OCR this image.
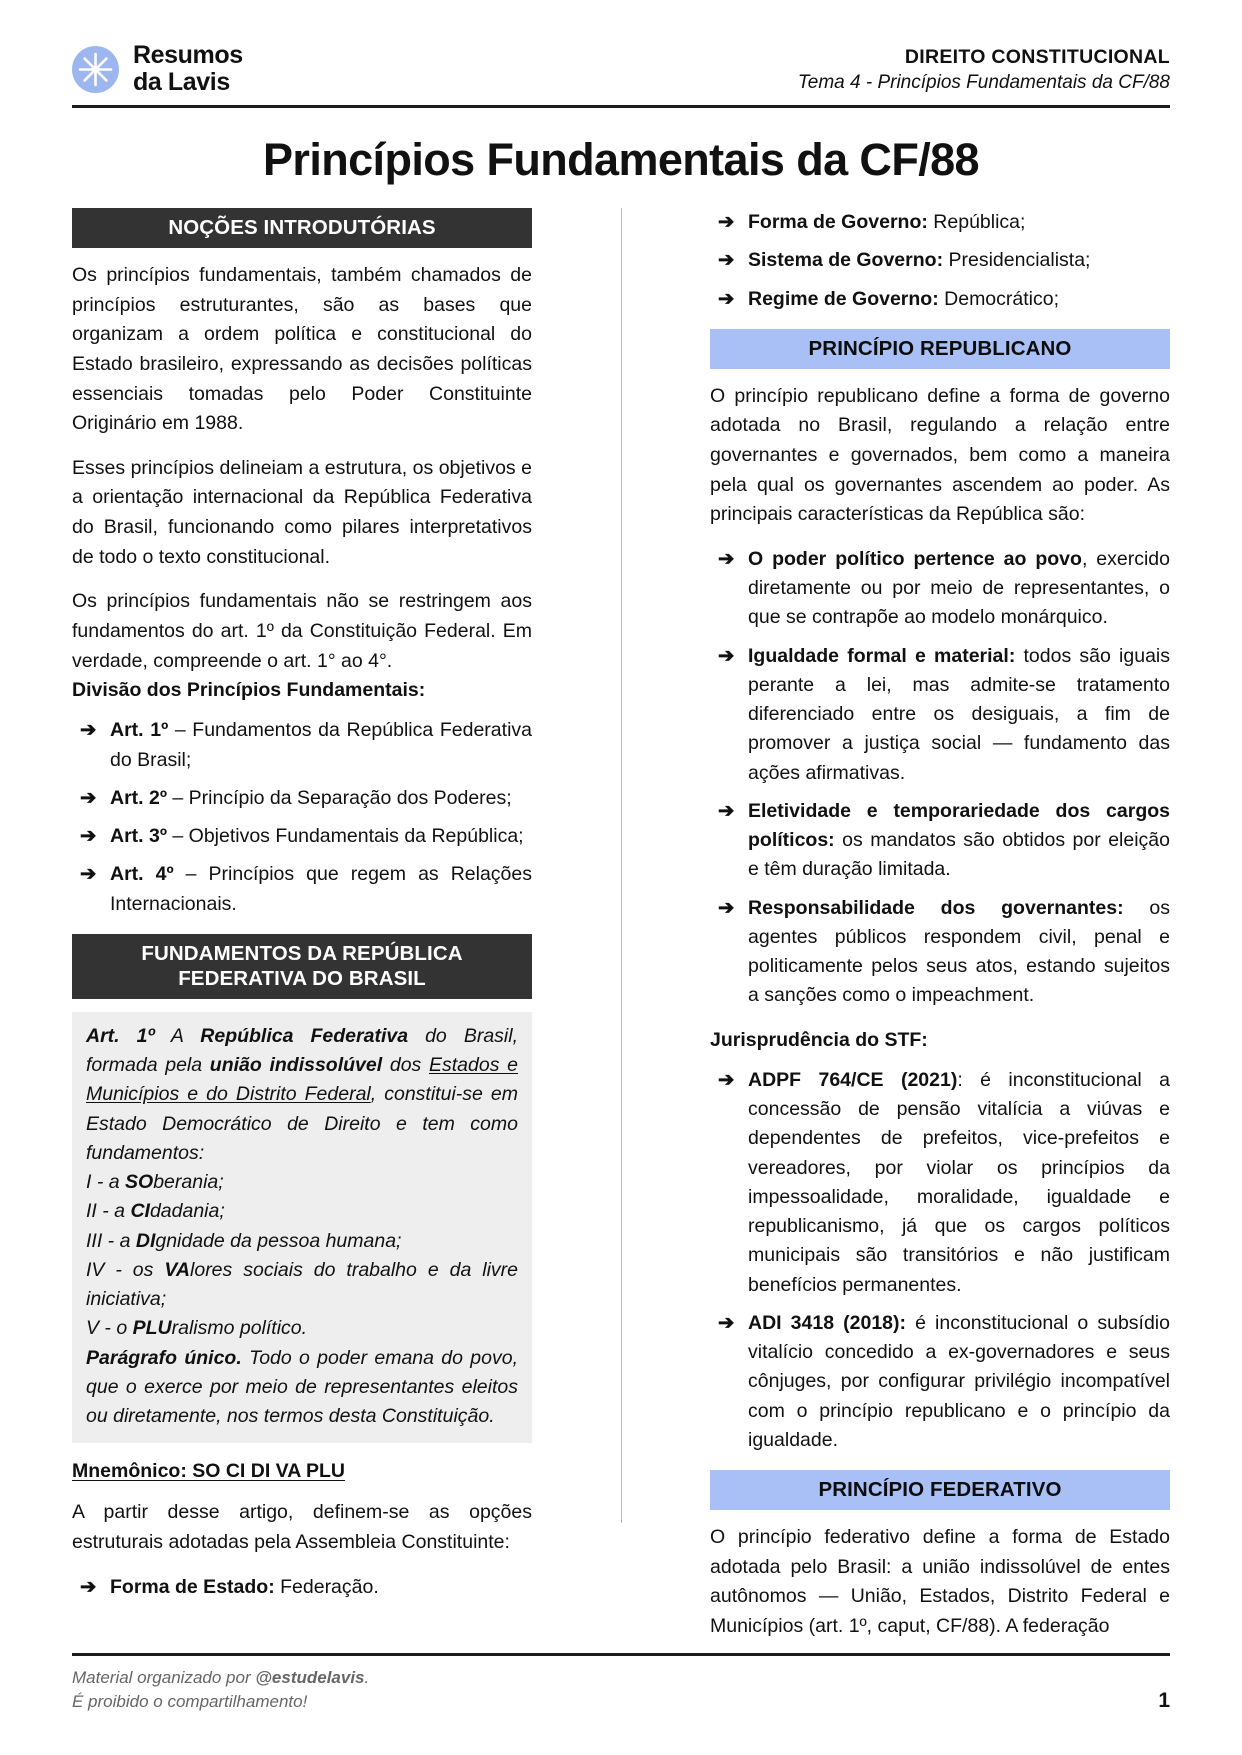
Resumos
da Lavis
DIREITO CONSTITUCIONAL
Tema 4 - Princípios Fundamentais da CF/88
Princípios Fundamentais da CF/88
NOÇÕES INTRODUTÓRIAS

Os princípios fundamentais, também chamados de princípios estruturantes, são as bases que organizam a ordem política e constitucional do Estado brasileiro, expressando as decisões políticas essenciais tomadas pelo Poder Constituinte Originário em 1988.

Esses princípios delineiam a estrutura, os objetivos e a orientação internacional da República Federativa do Brasil, funcionando como pilares interpretativos de todo o texto constitucional.

Os princípios fundamentais não se restringem aos fundamentos do art. 1º da Constituição Federal. Em verdade, compreende o art. 1° ao 4°.

Divisão dos Princípios Fundamentais:
➔ Art. 1º – Fundamentos da República Federativa do Brasil;
➔ Art. 2º – Princípio da Separação dos Poderes;
➔ Art. 3º – Objetivos Fundamentais da República;
➔ Art. 4º – Princípios que regem as Relações Internacionais.
FUNDAMENTOS DA REPÚBLICA FEDERATIVA DO BRASIL
Art. 1º A República Federativa do Brasil, formada pela união indissolúvel dos Estados e Municípios e do Distrito Federal, constitui-se em Estado Democrático de Direito e tem como fundamentos:
I - a SOberania;
II - a CIdadania;
III - a DIgnidade da pessoa humana;
IV - os VAlores sociais do trabalho e da livre iniciativa;
V - o PLUralismo político.
Parágrafo único. Todo o poder emana do povo, que o exerce por meio de representantes eleitos ou diretamente, nos termos desta Constituição.
Mnemônico: SO CI DI VA PLU

A partir desse artigo, definem-se as opções estruturais adotadas pela Assembleia Constituinte:

➔ Forma de Estado: Federação.
➔ Forma de Governo: República;
➔ Sistema de Governo: Presidencialista;
➔ Regime de Governo: Democrático;
PRINCÍPIO REPUBLICANO

O princípio republicano define a forma de governo adotada no Brasil, regulando a relação entre governantes e governados, bem como a maneira pela qual os governantes ascendem ao poder. As principais características da República são:

➔ O poder político pertence ao povo, exercido diretamente ou por meio de representantes, o que se contrapõe ao modelo monárquico.
➔ Igualdade formal e material: todos são iguais perante a lei, mas admite-se tratamento diferenciado entre os desiguais, a fim de promover a justiça social — fundamento das ações afirmativas.
➔ Eletividade e temporariedade dos cargos políticos: os mandatos são obtidos por eleição e têm duração limitada.
➔ Responsabilidade dos governantes: os agentes públicos respondem civil, penal e politicamente pelos seus atos, estando sujeitos a sanções como o impeachment.
Jurisprudência do STF:
➔ ADPF 764/CE (2021): é inconstitucional a concessão de pensão vitalícia a viúvas e dependentes de prefeitos, vice-prefeitos e vereadores, por violar os princípios da impessoalidade, moralidade, igualdade e republicanismo, já que os cargos políticos municipais são transitórios e não justificam benefícios permanentes.
➔ ADI 3418 (2018): é inconstitucional o subsídio vitalício concedido a ex-governadores e seus cônjuges, por configurar privilégio incompatível com o princípio republicano e o princípio da igualdade.
PRINCÍPIO FEDERATIVO

O princípio federativo define a forma de Estado adotada pelo Brasil: a união indissolúvel de entes autônomos — União, Estados, Distrito Federal e Municípios (art. 1º, caput, CF/88). A federação

Material organizado por @estudelavis.
É proibido o compartilhamento!	1
